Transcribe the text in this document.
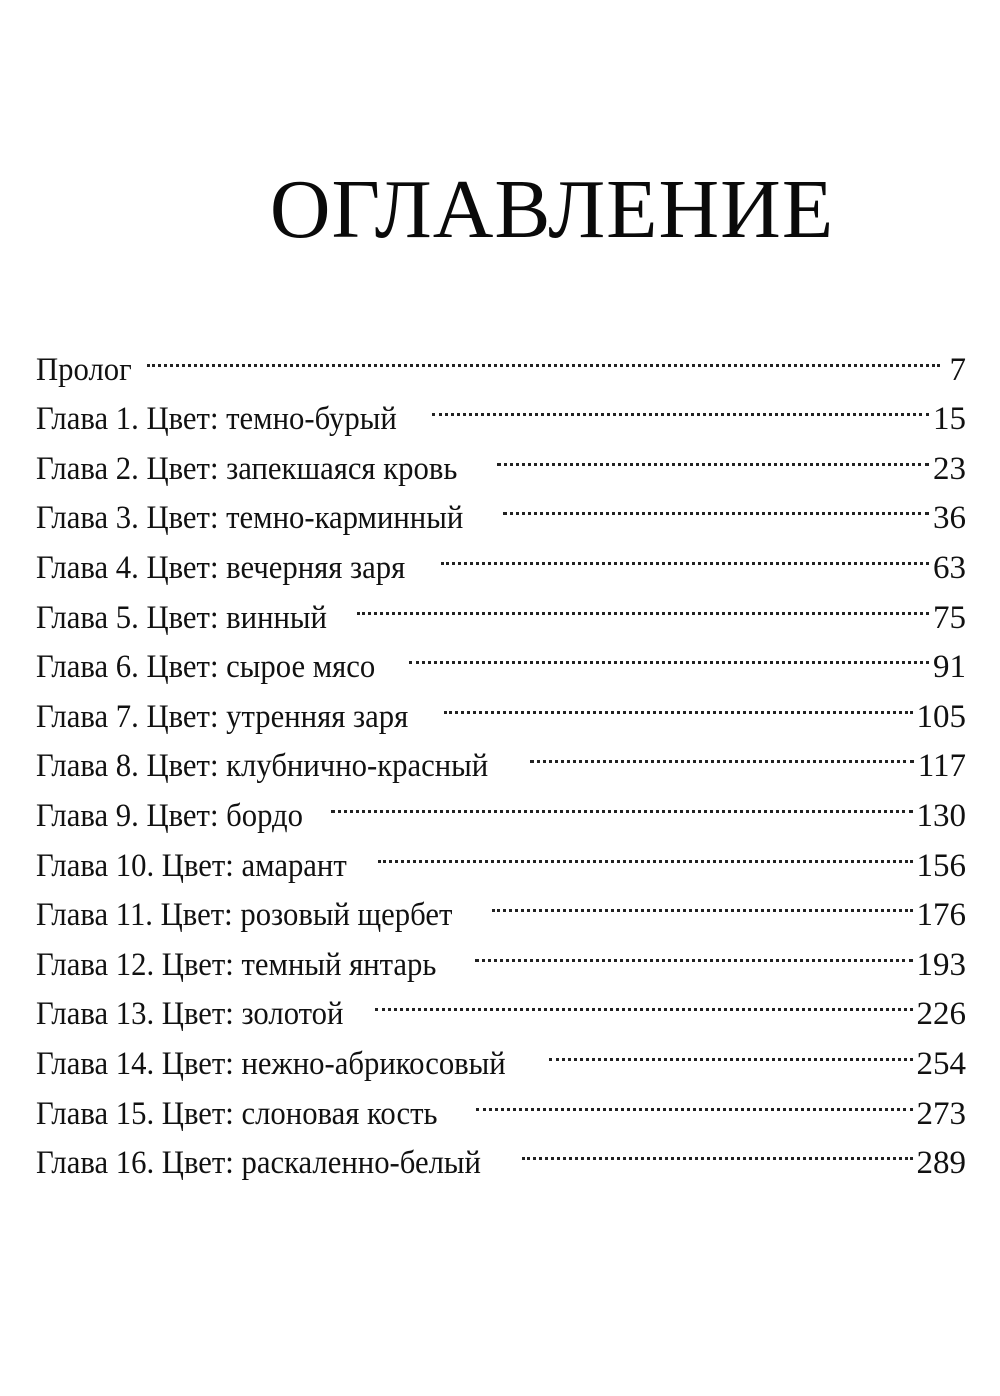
ОГЛАВЛЕНИЕ
Пролог	7
Глава 1. Цвет: темно-бурый	15
Глава 2. Цвет: запекшаяся кровь	23
Глава 3. Цвет: темно-карминный	36
Глава 4. Цвет: вечерняя заря	63
Глава 5. Цвет: винный	75
Глава 6. Цвет: сырое мясо	91
Глава 7. Цвет: утренняя заря	105
Глава 8. Цвет: клубнично-красный	117
Глава 9. Цвет: бордо	130
Глава 10. Цвет: амарант	156
Глава 11. Цвет: розовый щербет	176
Глава 12. Цвет: темный янтарь	193
Глава 13. Цвет: золотой	226
Глава 14. Цвет: нежно-абрикосовый	254
Глава 15. Цвет: слоновая кость	273
Глава 16. Цвет: раскаленно-белый	289
